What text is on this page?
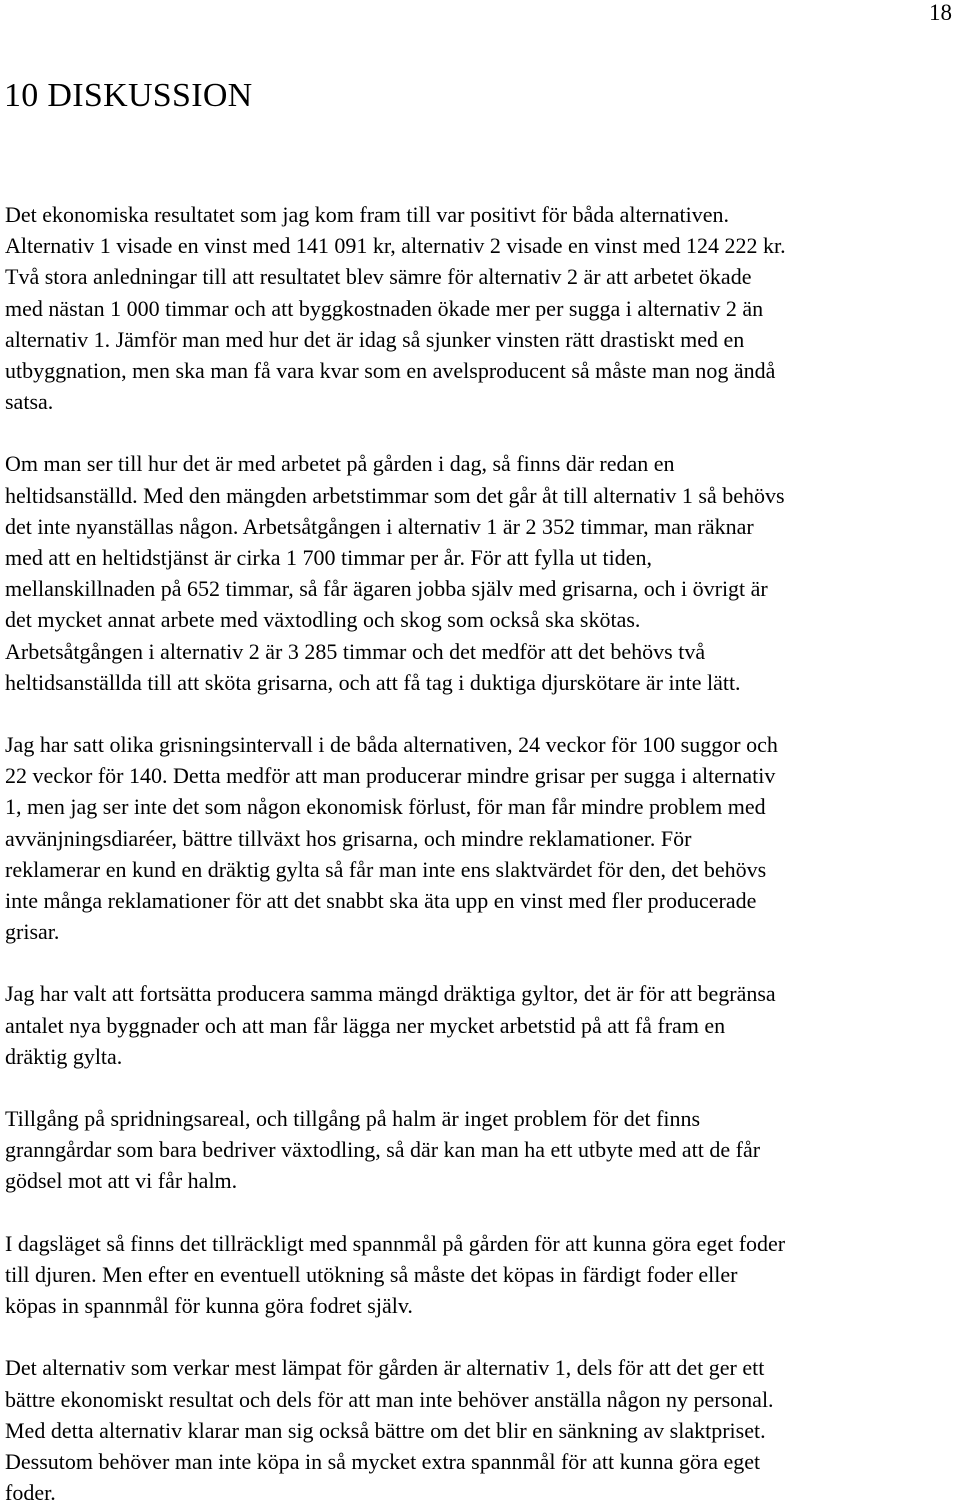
18
10 DISKUSSION

Det ekonomiska resultatet som jag kom fram till var positivt för båda alternativen.
Alternativ 1 visade en vinst med 141 091 kr, alternativ 2 visade en vinst med 124 222 kr.
Två stora anledningar till att resultatet blev sämre för alternativ 2 är att arbetet ökade
med nästan 1 000 timmar och att byggkostnaden ökade mer per sugga i alternativ 2 än
alternativ 1. Jämför man med hur det är idag så sjunker vinsten rätt drastiskt med en
utbyggnation, men ska man få vara kvar som en avelsproducent så måste man nog ändå
satsa.

Om man ser till hur det är med arbetet på gården i dag, så finns där redan en
heltidsanställd. Med den mängden arbetstimmar som det går åt till alternativ 1 så behövs
det inte nyanställas någon. Arbetsåtgången i alternativ 1 är 2 352 timmar, man räknar
med att en heltidstjänst är cirka 1 700 timmar per år. För att fylla ut tiden,
mellanskillnaden på 652 timmar, så får ägaren jobba själv med grisarna, och i övrigt är
det mycket annat arbete med växtodling och skog som också ska skötas.
Arbetsåtgången i alternativ 2 är 3 285 timmar och det medför att det behövs två
heltidsanställda till att sköta grisarna, och att få tag i duktiga djurskötare är inte lätt.

Jag har satt olika grisningsintervall i de båda alternativen, 24 veckor för 100 suggor och
22 veckor för 140. Detta medför att man producerar mindre grisar per sugga i alternativ
1, men jag ser inte det som någon ekonomisk förlust, för man får mindre problem med
avvänjningsdiaréer, bättre tillväxt hos grisarna, och mindre reklamationer. För
reklamerar en kund en dräktig gylta så får man inte ens slaktvärdet för den, det behövs
inte många reklamationer för att det snabbt ska äta upp en vinst med fler producerade
grisar.

Jag har valt att fortsätta producera samma mängd dräktiga gyltor, det är för att begränsa
antalet nya byggnader och att man får lägga ner mycket arbetstid på att få fram en
dräktig gylta.

Tillgång på spridningsareal, och tillgång på halm är inget problem för det finns
granngårdar som bara bedriver växtodling, så där kan man ha ett utbyte med att de får
gödsel mot att vi får halm.

I dagsläget så finns det tillräckligt med spannmål på gården för att kunna göra eget foder
till djuren. Men efter en eventuell utökning så måste det köpas in färdigt foder eller
köpas in spannmål för kunna göra fodret själv.

Det alternativ som verkar mest lämpat för gården är alternativ 1, dels för att det ger ett
bättre ekonomiskt resultat och dels för att man inte behöver anställa någon ny personal.
Med detta alternativ klarar man sig också bättre om det blir en sänkning av slaktpriset.
Dessutom behöver man inte köpa in så mycket extra spannmål för att kunna göra eget
foder.
